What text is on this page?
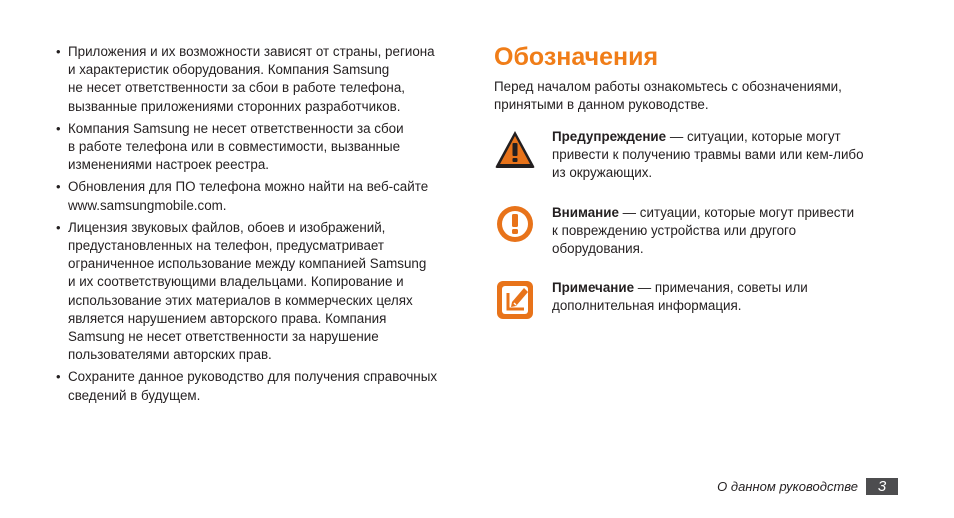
• Приложения и их возможности зависят от страны, региона
и характеристик оборудования. Компания Samsung
не несет ответственности за сбои в работе телефона,
вызванные приложениями сторонних разработчиков.
• Компания Samsung не несет ответственности за сбои
в работе телефона или в совместимости, вызванные
изменениями настроек реестра.
• Обновления для ПО телефона можно найти на веб-сайте
www.samsungmobile.com.
• Лицензия звуковых файлов, обоев и изображений,
предустановленных на телефон, предусматривает
ограниченное использование между компанией Samsung
и их соответствующими владельцами. Копирование и
использование этих материалов в коммерческих целях
является нарушением авторского права. Компания
Samsung не несет ответственности за нарушение
пользователями авторских прав.
• Сохраните данное руководство для получения справочных
сведений в будущем.
Обозначения
Перед началом работы ознакомьтесь с обозначениями,
принятыми в данном руководстве.
Предупреждение — ситуации, которые могут
привести к получению травмы вами или кем-либо
из окружающих.
Внимание — ситуации, которые могут привести
к повреждению устройства или другого
оборудования.
Примечание — примечания, советы или
дополнительная информация.
О данном руководстве	3
